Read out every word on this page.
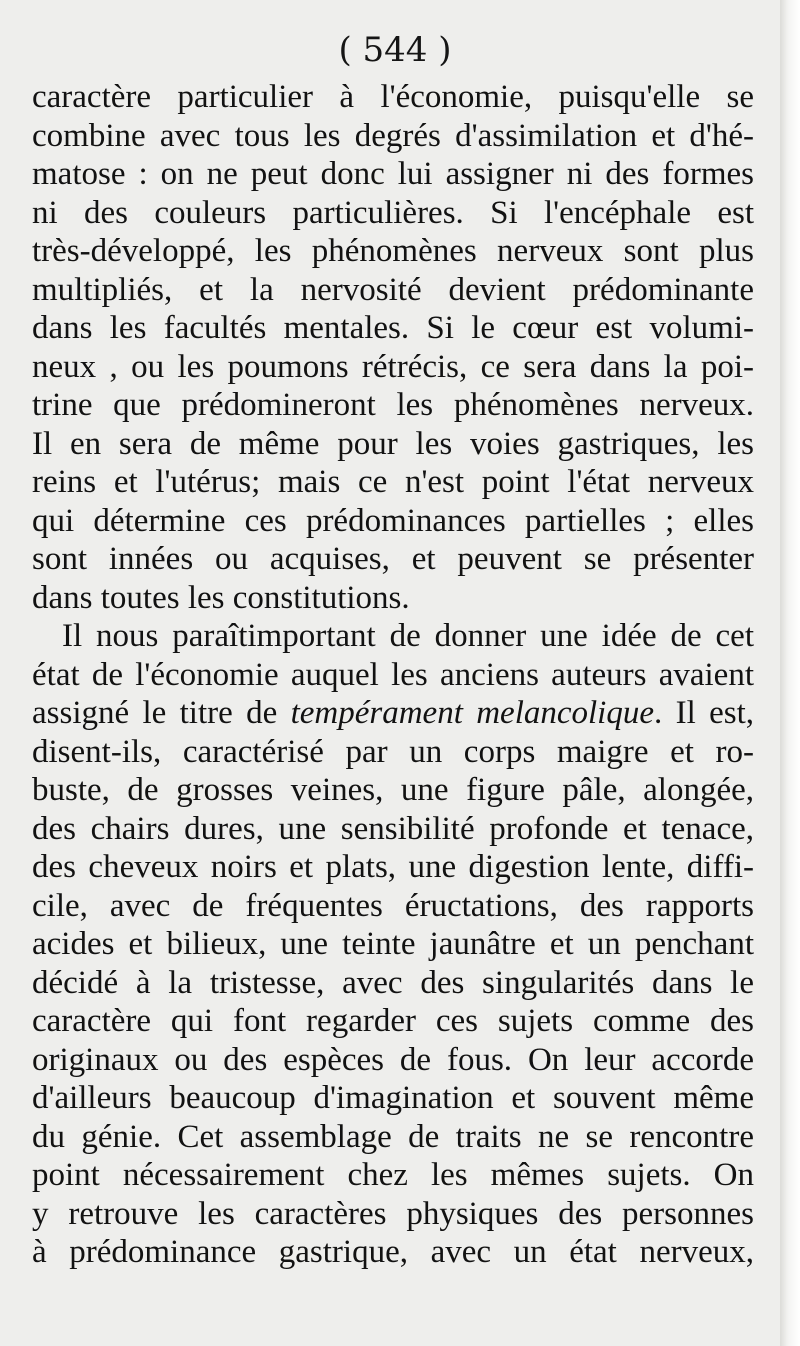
( 544 )
caractère particulier à l'économie, puisqu'elle se
combine avec tous les degrés d'assimilation et d'hé-
matose : on ne peut donc lui assigner ni des formes
ni des couleurs particulières. Si l'encéphale est
très-développé, les phénomènes nerveux sont plus
multipliés, et la nervosité devient prédominante
dans les facultés mentales. Si le cœur est volumi-
neux , ou les poumons rétrécis, ce sera dans la poi-
trine que prédomineront les phénomènes nerveux.
Il en sera de même pour les voies gastriques, les
reins et l'utérus; mais ce n'est point l'état nerveux
qui détermine ces prédominances partielles ; elles
sont innées ou acquises, et peuvent se présenter
dans toutes les constitutions.
Il nous paraîtimportant de donner une idée de cet
état de l'économie auquel les anciens auteurs avaient
assigné le titre de tempérament melancolique. Il est,
disent-ils, caractérisé par un corps maigre et ro-
buste, de grosses veines, une figure pâle, alongée,
des chairs dures, une sensibilité profonde et tenace,
des cheveux noirs et plats, une digestion lente, diffi-
cile, avec de fréquentes éructations, des rapports
acides et bilieux, une teinte jaunâtre et un penchant
décidé à la tristesse, avec des singularités dans le
caractère qui font regarder ces sujets comme des
originaux ou des espèces de fous. On leur accorde
d'ailleurs beaucoup d'imagination et souvent même
du génie. Cet assemblage de traits ne se rencontre
point nécessairement chez les mêmes sujets. On
y retrouve les caractères physiques des personnes
à prédominance gastrique, avec un état nerveux,
